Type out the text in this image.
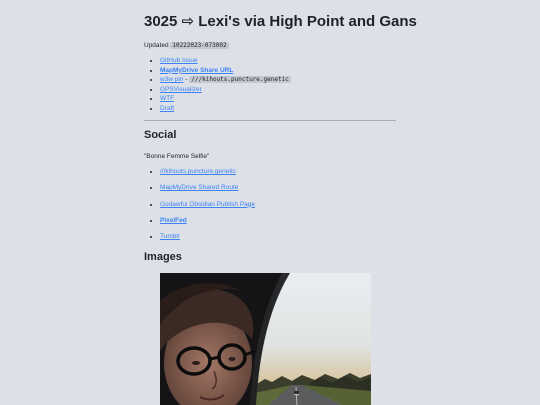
3025 ⇨ Lexi's via High Point and Gans
Updated 10222023-073002
• GitHub Issue
• MapMyDrive Share URL
• w3w pin - ///kihouts.puncture.genetic
• GPSVisualizer
• WTF
• Draft
Social
"Bonne Femme Selfie"
• ///kihouts.puncture.genetic
• MapMyDrive Shared Route
• Godawful Obsidian Publish Page
• PixelFed
• Tumblr
Images
